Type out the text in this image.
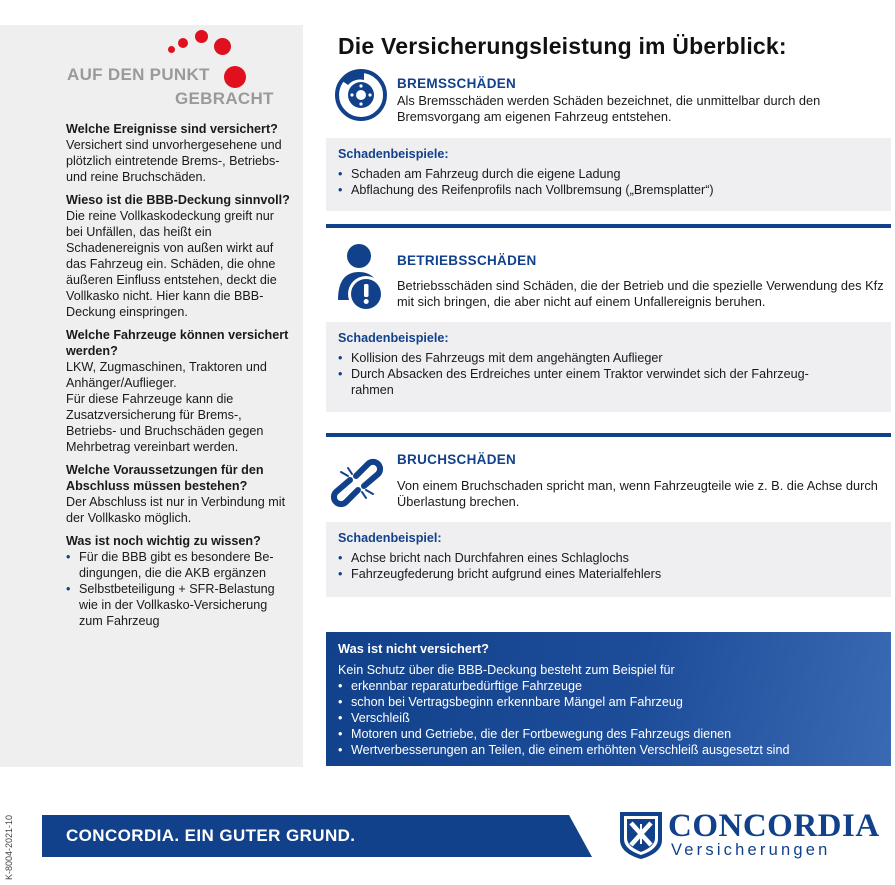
AUF DEN PUNKT
GEBRACHT
Welche Ereignisse sind versichert?
Versichert sind unvorhergesehene und plötzlich eintretende Brems-, Betriebs- und reine Bruchschäden.
Wieso ist die BBB-Deckung sinnvoll?
Die reine Vollkaskodeckung greift nur bei Unfällen, das heißt ein Schadenereignis von außen wirkt auf das Fahrzeug ein. Schäden, die ohne äußeren Einfluss entstehen, deckt die Vollkasko nicht. Hier kann die BBB-Deckung einspringen.
Welche Fahrzeuge können versichert werden?
LKW, Zugmaschinen, Traktoren und Anhänger/Auflieger.
Für diese Fahrzeuge kann die Zusatzversicherung für Brems-, Betriebs- und Bruchschäden gegen Mehrbetrag vereinbart werden.
Welche Voraussetzungen für den Abschluss müssen bestehen?
Der Abschluss ist nur in Verbindung mit der Vollkasko möglich.
Was ist noch wichtig zu wissen?
• Für die BBB gibt es besondere Be-dingungen, die die AKB ergänzen
• Selbstbeteiligung + SFR-Belastung wie in der Vollkasko-Versicherung zum Fahrzeug
Die Versicherungsleistung im Überblick:
BREMSSCHÄDEN
Als Bremsschäden werden Schäden bezeichnet, die unmittelbar durch den Bremsvorgang am eigenen Fahrzeug entstehen.
Schadenbeispiele:
• Schaden am Fahrzeug durch die eigene Ladung
• Abflachung des Reifenprofils nach Vollbremsung („Bremsplatter“)
BETRIEBSSCHÄDEN
Betriebsschäden sind Schäden, die der Betrieb und die spezielle Verwendung des Kfz mit sich bringen, die aber nicht auf einem Unfallereignis beruhen.
Schadenbeispiele:
• Kollision des Fahrzeugs mit dem angehängten Auflieger
• Durch Absacken des Erdreiches unter einem Traktor verwindet sich der Fahrzeug-rahmen
BRUCHSCHÄDEN
Von einem Bruchschaden spricht man, wenn Fahrzeugteile wie z. B. die Achse durch Überlastung brechen.
Schadenbeispiel:
• Achse bricht nach Durchfahren eines Schlaglochs
• Fahrzeugfederung bricht aufgrund eines Materialfehlers
Was ist nicht versichert?
Kein Schutz über die BBB-Deckung besteht zum Beispiel für
• erkennbar reparaturbedürftige Fahrzeuge
• schon bei Vertragsbeginn erkennbare Mängel am Fahrzeug
• Verschleiß
• Motoren und Getriebe, die der Fortbewegung des Fahrzeugs dienen
• Wertverbesserungen an Teilen, die einem erhöhten Verschleiß ausgesetzt sind
K-8004-2021-10	CONCORDIA. EIN GUTER GRUND.	CONCORDIA
Versicherungen
